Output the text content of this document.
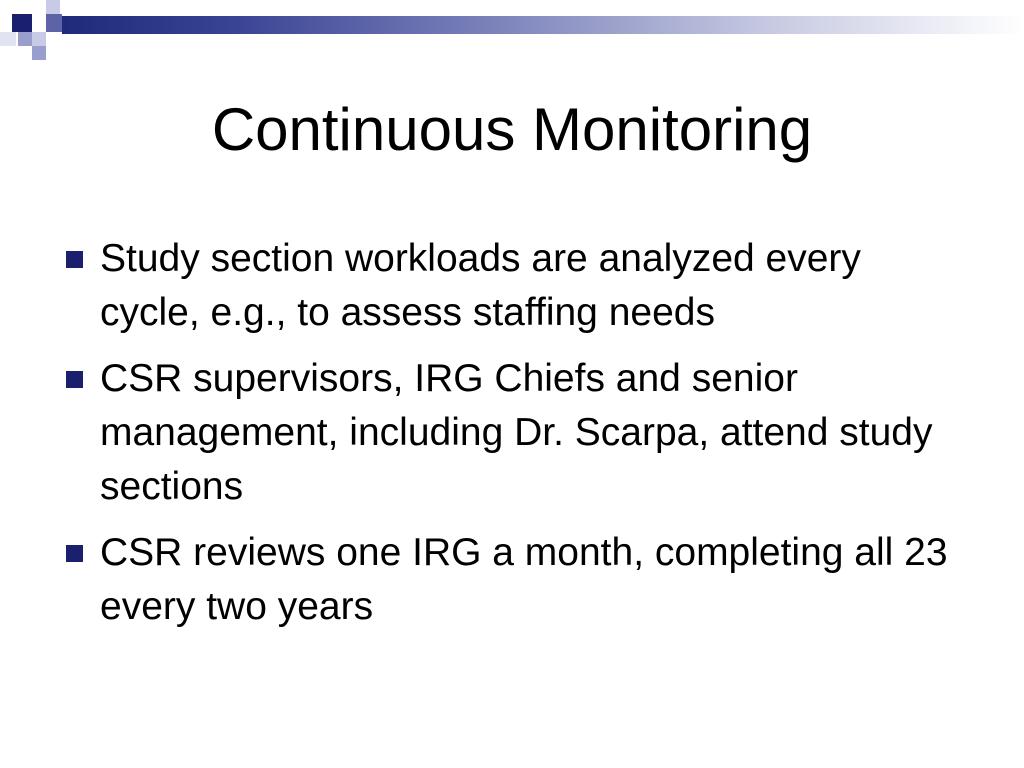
Continuous Monitoring
Study section workloads are analyzed every cycle, e.g., to assess staffing needs
CSR supervisors, IRG Chiefs and senior management, including Dr. Scarpa, attend study sections
CSR reviews one IRG a month, completing all 23 every two years
